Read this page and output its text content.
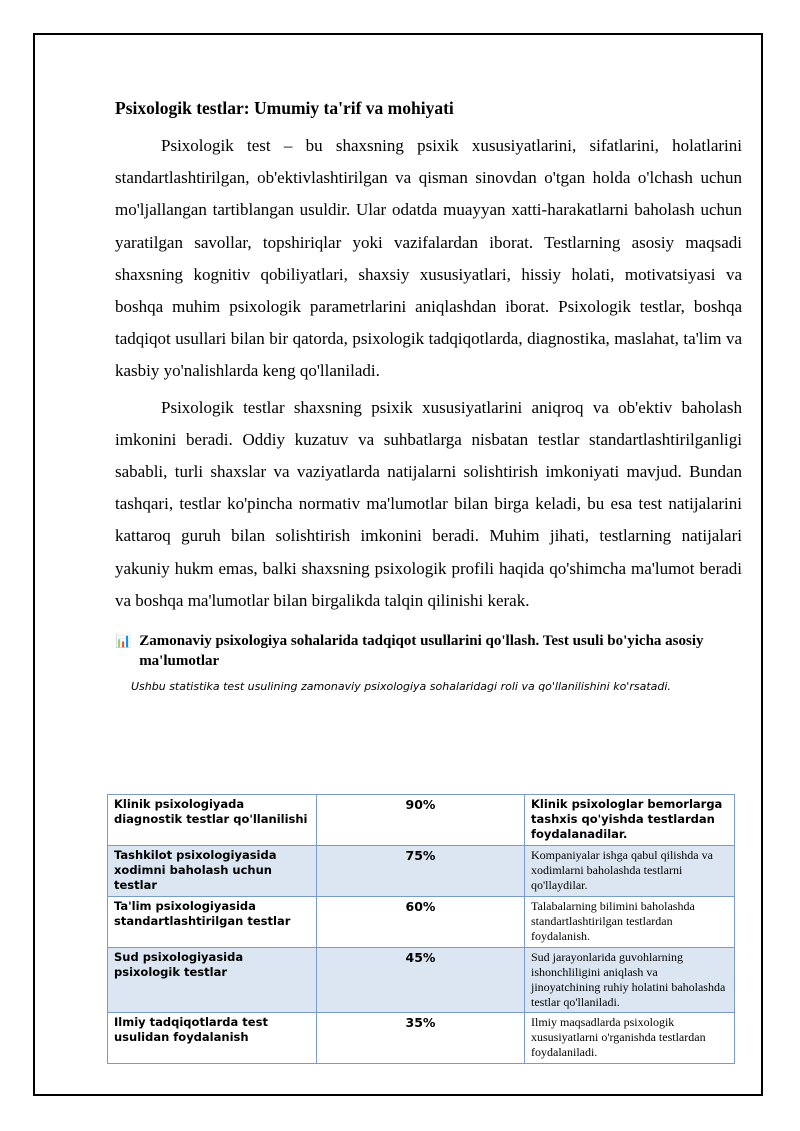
Psixologik testlar: Umumiy ta'rif va mohiyati

Psixologik test – bu shaxsning psixik xususiyatlarini, sifatlarini, holatlarini standartlashtirilgan, ob'ektivlashtirilgan va qisman sinovdan o'tgan holda o'lchash uchun mo'ljallangan tartiblangan usuldir. Ular odatda muayyan xatti-harakatlarni baholash uchun yaratilgan savollar, topshiriqlar yoki vazifalardan iborat. Testlarning asosiy maqsadi shaxsning kognitiv qobiliyatlari, shaxsiy xususiyatlari, hissiy holati, motivatsiyasi va boshqa muhim psixologik parametrlarini aniqlashdan iborat. Psixologik testlar, boshqa tadqiqot usullari bilan bir qatorda, psixologik tadqiqotlarda, diagnostika, maslahat, ta'lim va kasbiy yo'nalishlarda keng qo'llaniladi.

Psixologik testlar shaxsning psixik xususiyatlarini aniqroq va ob'ektiv baholash imkonini beradi. Oddiy kuzatuv va suhbatlarga nisbatan testlar standartlashtirilganligi sababli, turli shaxslar va vaziyatlarda natijalarni solishtirish imkoniyati mavjud. Bundan tashqari, testlar ko'pincha normativ ma'lumotlar bilan birga keladi, bu esa test natijalarini kattaroq guruh bilan solishtirish imkonini beradi. Muhim jihati, testlarning natijalari yakuniy hukm emas, balki shaxsning psixologik profili haqida qo'shimcha ma'lumot beradi va boshqa ma'lumotlar bilan birgalikda talqin qilinishi kerak.

📊 Zamonaviy psixologiya sohalarida tadqiqot usullarini qo'llash. Test usuli bo'yicha asosiy ma'lumotlar
Ushbu statistika test usulining zamonaviy psixologiya sohalaridagi roli va qo'llanilishini ko'rsatadi.
Klinik psixologiyada diagnostik testlar qo'llanilishi	90%	Klinik psixologlar bemorlarga tashxis qo'yishda testlardan foydalanadilar.
Tashkilot psixologiyasida xodimni baholash uchun testlar	75%	Kompaniyalar ishga qabul qilishda va xodimlarni baholashda testlarni qo'llaydilar.
Ta'lim psixologiyasida standartlashtirilgan testlar	60%	Talabalarning bilimini baholashda standartlashtirilgan testlardan foydalanish.
Sud psixologiyasida psixologik testlar	45%	Sud jarayonlarida guvohlarning ishonchliligini aniqlash va jinoyatchining ruhiy holatini baholashda testlar qo'llaniladi.
Ilmiy tadqiqotlarda test usulidan foydalanish	35%	Ilmiy maqsadlarda psixologik xususiyatlarni o'rganishda testlardan foydalaniladi.
